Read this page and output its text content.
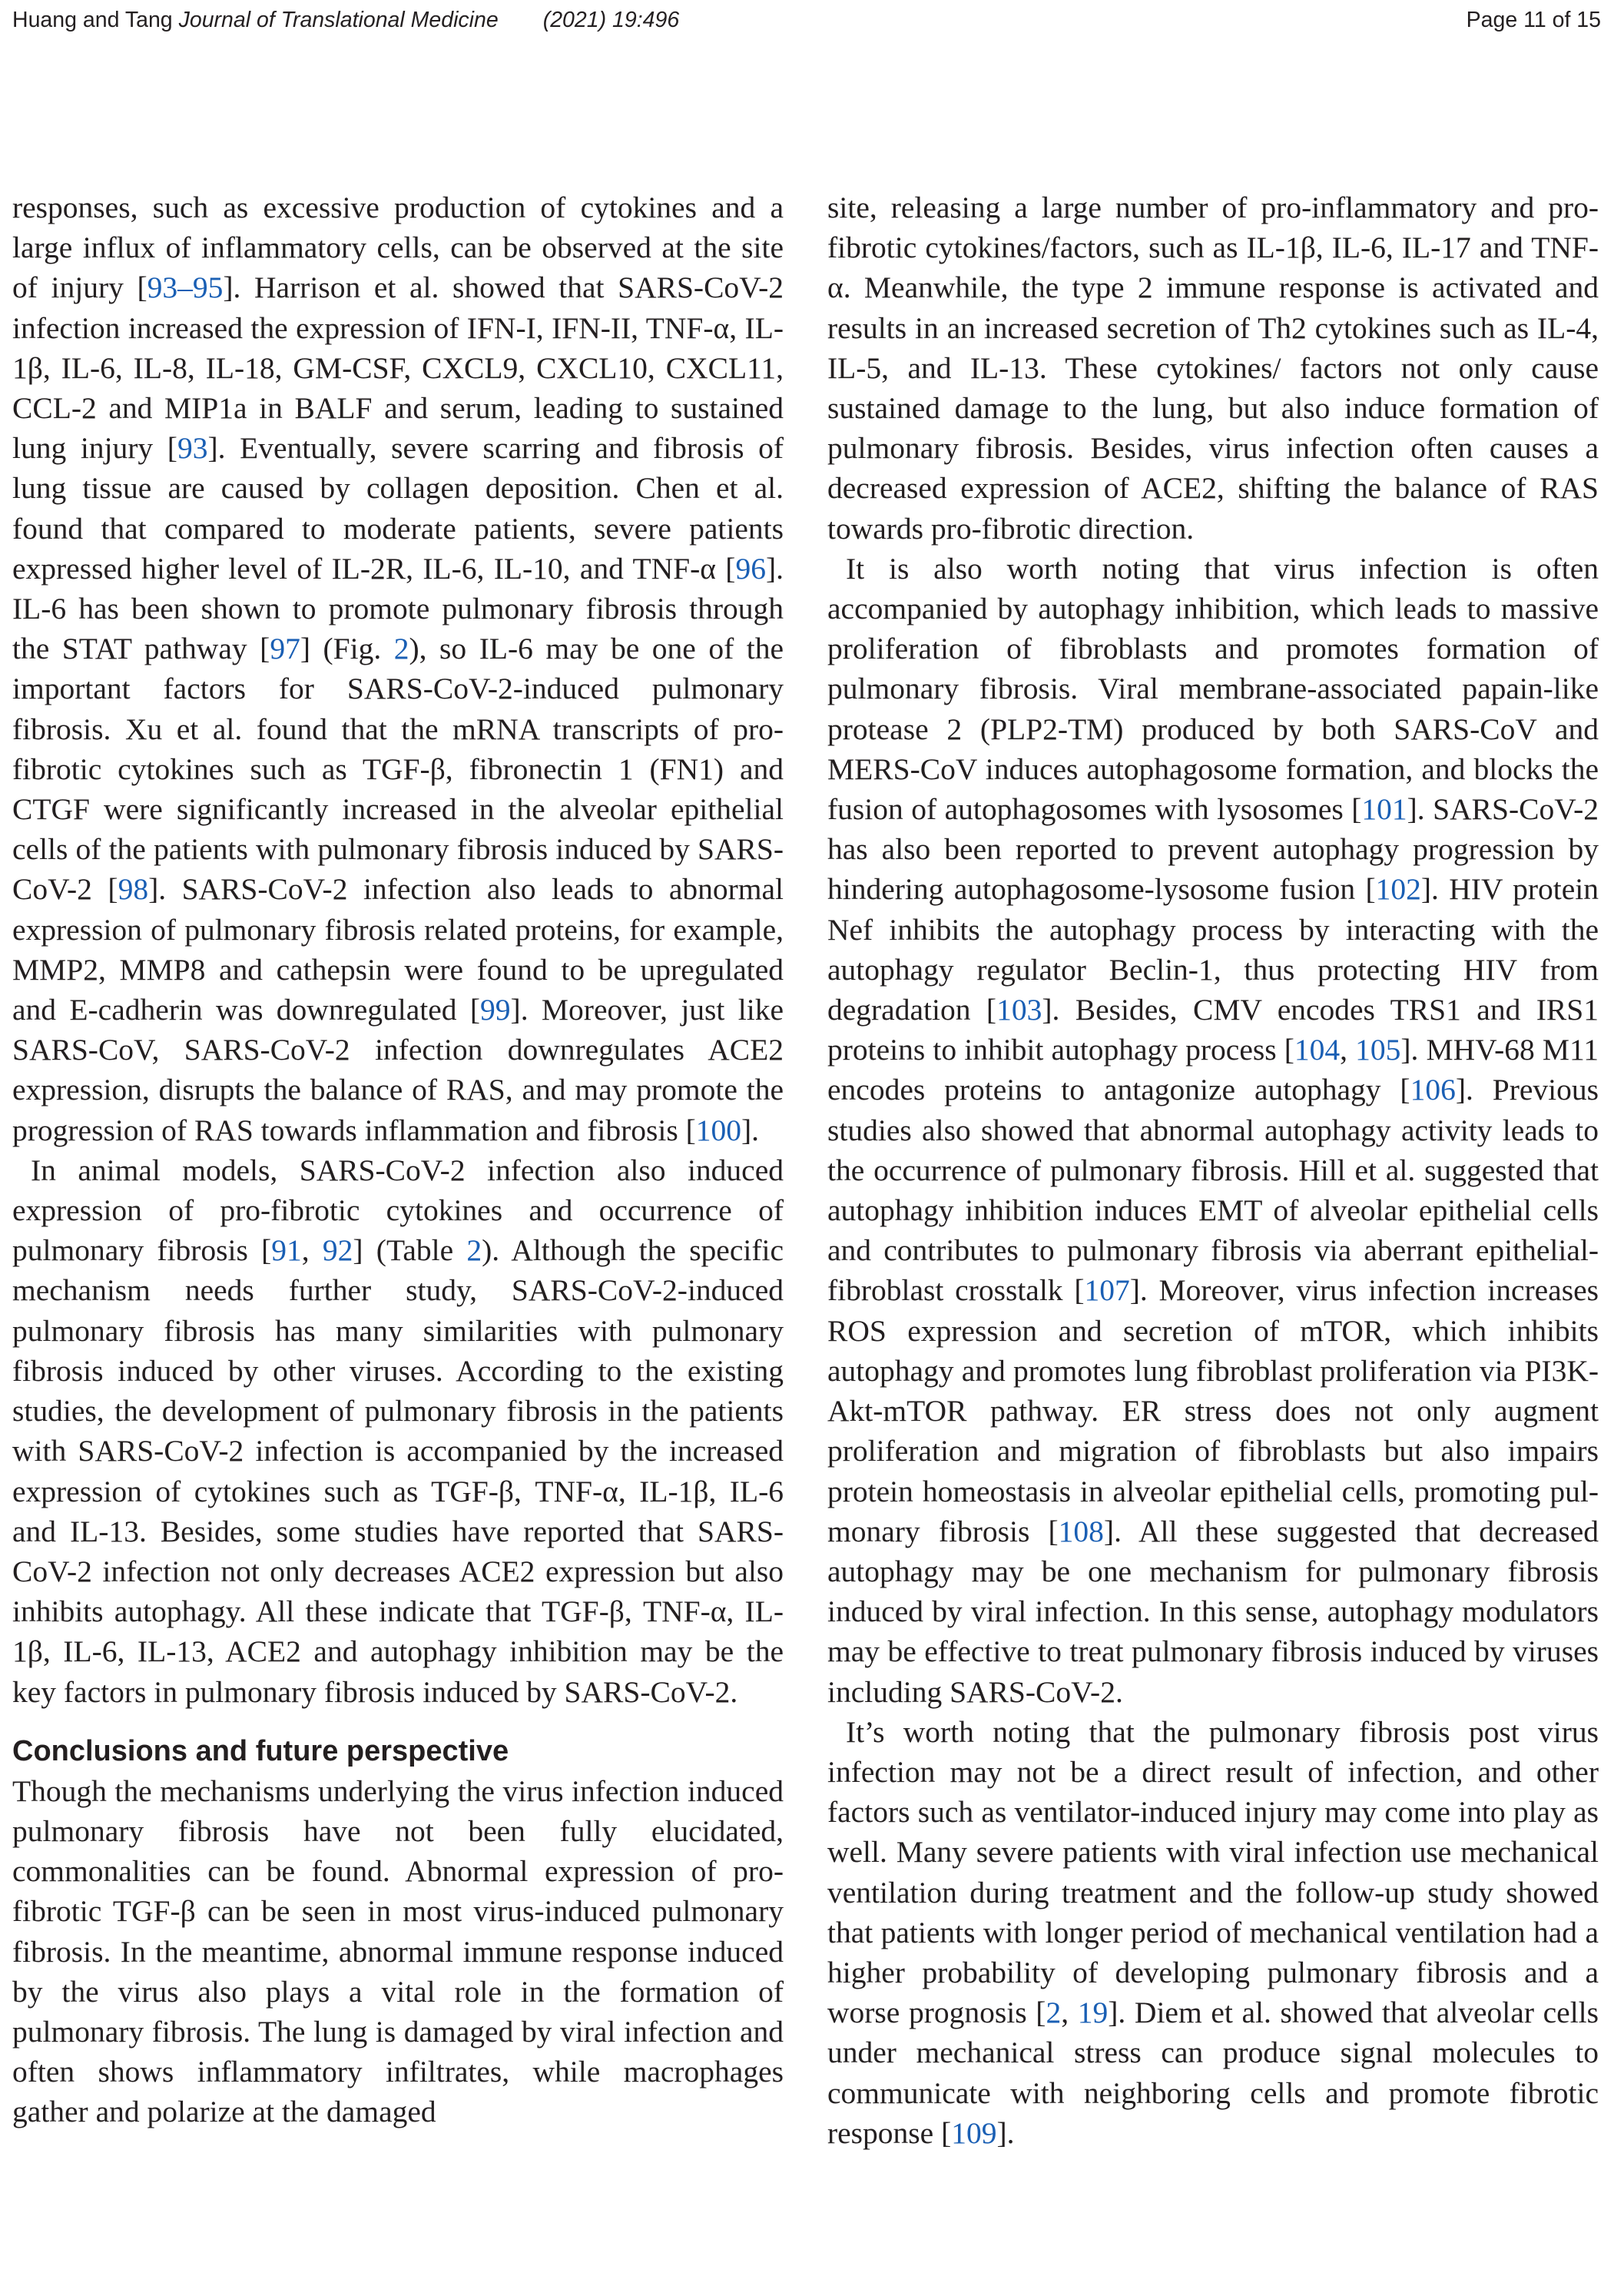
Huang and Tang Journal of Translational Medicine (2021) 19:496	Page 11 of 15

responses, such as excessive production of cytokines and a large influx of inflammatory cells, can be observed at the site of injury [93–95]. Harrison et al. showed that SARS-CoV-2 infection increased the expression of IFN-I, IFN-II, TNF-α, IL-1β, IL-6, IL-8, IL-18, GM-CSF, CXCL9, CXCL10, CXCL11, CCL-2 and MIP1a in BALF and serum, leading to sustained lung injury [93]. Eventually, severe scarring and fibrosis of lung tissue are caused by collagen deposition. Chen et al. found that compared to moderate patients, severe patients expressed higher level of IL-2R, IL-6, IL-10, and TNF-α [96]. IL-6 has been shown to promote pulmonary fibrosis through the STAT pathway [97] (Fig. 2), so IL-6 may be one of the important factors for SARS-CoV-2-induced pulmonary fibrosis. Xu et al. found that the mRNA transcripts of pro-fibrotic cytokines such as TGF-β, fibronectin 1 (FN1) and CTGF were significantly increased in the alveolar epithelial cells of the patients with pulmonary fibrosis induced by SARS-CoV-2 [98]. SARS-CoV-2 infection also leads to abnormal expression of pulmonary fibrosis related proteins, for example, MMP2, MMP8 and cathepsin were found to be upregulated and E-cadherin was downregulated [99]. Moreover, just like SARS-CoV, SARS-CoV-2 infection downregulates ACE2 expression, disrupts the balance of RAS, and may promote the progression of RAS towards inflammation and fibrosis [100].

In animal models, SARS-CoV-2 infection also induced expression of pro-fibrotic cytokines and occurrence of pulmonary fibrosis [91, 92] (Table 2). Although the specific mechanism needs further study, SARS-CoV-2-induced pulmonary fibrosis has many similarities with pulmonary fibrosis induced by other viruses. According to the existing studies, the development of pulmonary fibrosis in the patients with SARS-CoV-2 infection is accompanied by the increased expression of cytokines such as TGF-β, TNF-α, IL-1β, IL-6 and IL-13. Besides, some studies have reported that SARS-CoV-2 infection not only decreases ACE2 expression but also inhibits autophagy. All these indicate that TGF-β, TNF-α, IL-1β, IL-6, IL-13, ACE2 and autophagy inhibition may be the key factors in pulmonary fibrosis induced by SARS-CoV-2.

Conclusions and future perspective

Though the mechanisms underlying the virus infection induced pulmonary fibrosis have not been fully elucidated, commonalities can be found. Abnormal expression of pro-fibrotic TGF-β can be seen in most virus-induced pulmonary fibrosis. In the meantime, abnormal immune response induced by the virus also plays a vital role in the formation of pulmonary fibrosis. The lung is damaged by viral infection and often shows inflammatory infiltrates, while macrophages gather and polarize at the damaged

site, releasing a large number of pro-inflammatory and pro-fibrotic cytokines/factors, such as IL-1β, IL-6, IL-17 and TNF-α. Meanwhile, the type 2 immune response is activated and results in an increased secretion of Th2 cytokines such as IL-4, IL-5, and IL-13. These cytokines/ factors not only cause sustained damage to the lung, but also induce formation of pulmonary fibrosis. Besides, virus infection often causes a decreased expression of ACE2, shifting the balance of RAS towards pro-fibrotic direction.

It is also worth noting that virus infection is often accompanied by autophagy inhibition, which leads to massive proliferation of fibroblasts and promotes formation of pulmonary fibrosis. Viral membrane-associated papain-like protease 2 (PLP2-TM) produced by both SARS-CoV and MERS-CoV induces autophagosome formation, and blocks the fusion of autophagosomes with lysosomes [101]. SARS-CoV-2 has also been reported to prevent autophagy progression by hindering autophagosome-lysosome fusion [102]. HIV protein Nef inhibits the autophagy process by interacting with the autophagy regulator Beclin-1, thus protecting HIV from degradation [103]. Besides, CMV encodes TRS1 and IRS1 proteins to inhibit autophagy process [104, 105]. MHV-68 M11 encodes proteins to antagonize autophagy [106]. Previous studies also showed that abnormal autophagy activity leads to the occurrence of pulmonary fibrosis. Hill et al. suggested that autophagy inhibition induces EMT of alveolar epithelial cells and contributes to pulmonary fibrosis via aberrant epithelial-fibroblast crosstalk [107]. Moreover, virus infection increases ROS expression and secretion of mTOR, which inhibits autophagy and promotes lung fibroblast proliferation via PI3K-Akt-mTOR pathway. ER stress does not only augment proliferation and migration of fibroblasts but also impairs protein homeostasis in alveolar epithelial cells, promoting pulmonary fibrosis [108]. All these suggested that decreased autophagy may be one mechanism for pulmonary fibrosis induced by viral infection. In this sense, autophagy modulators may be effective to treat pulmonary fibrosis induced by viruses including SARS-CoV-2.

It’s worth noting that the pulmonary fibrosis post virus infection may not be a direct result of infection, and other factors such as ventilator-induced injury may come into play as well. Many severe patients with viral infection use mechanical ventilation during treatment and the follow-up study showed that patients with longer period of mechanical ventilation had a higher probability of developing pulmonary fibrosis and a worse prognosis [2, 19]. Diem et al. showed that alveolar cells under mechanical stress can produce signal molecules to communicate with neighboring cells and promote fibrotic response [109].
